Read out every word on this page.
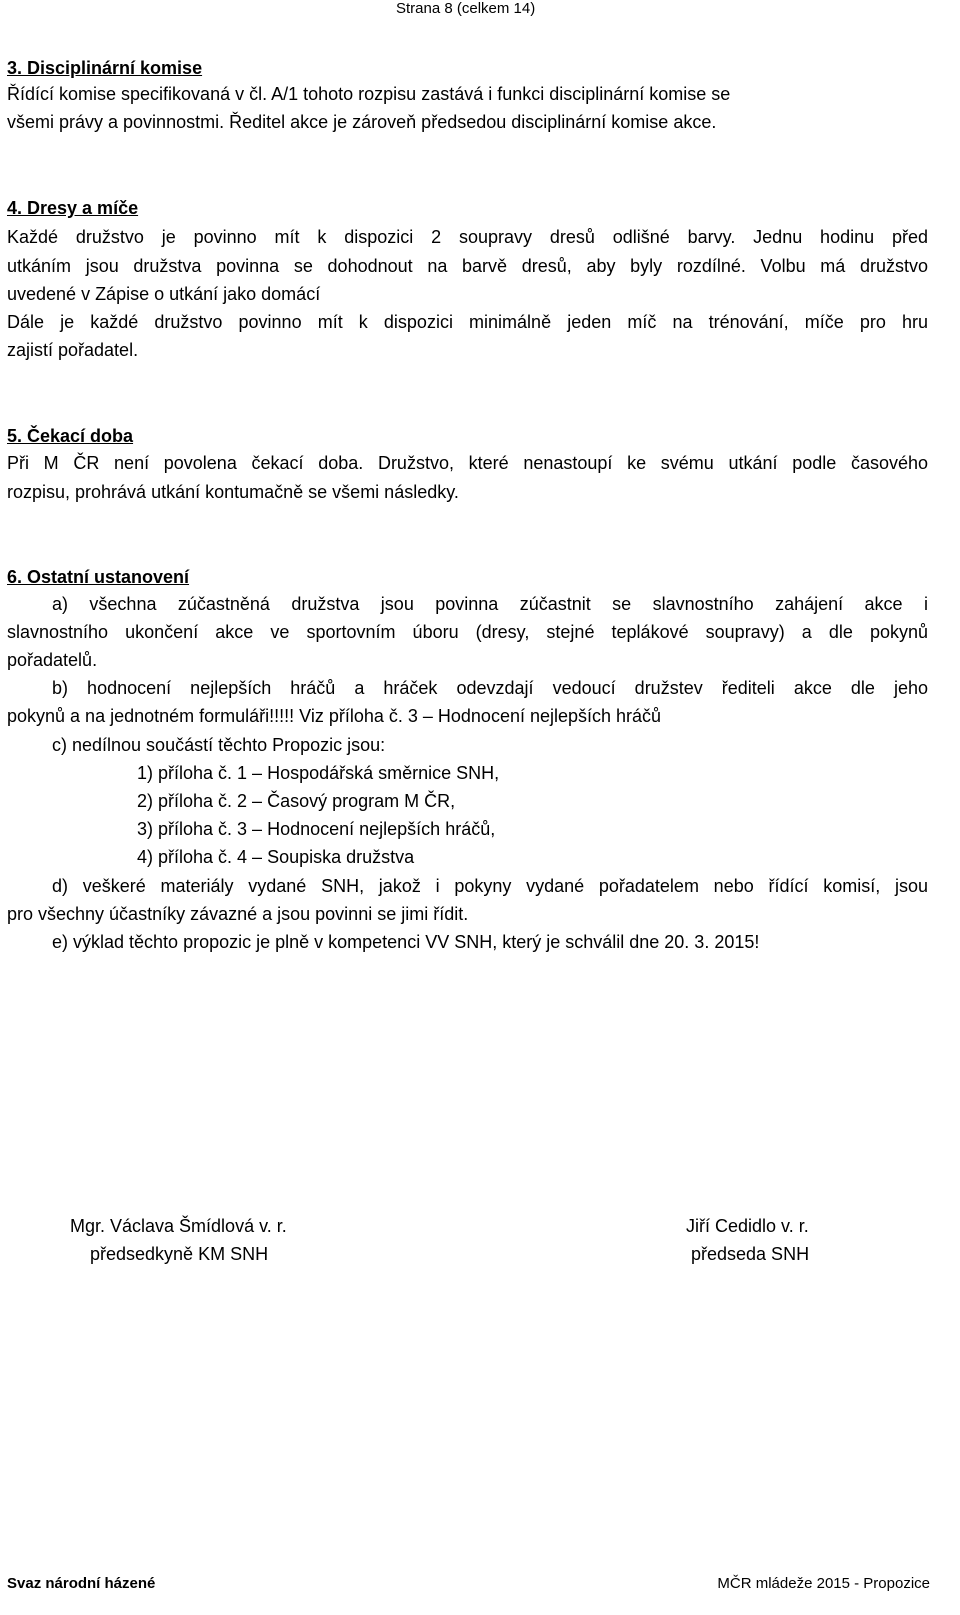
Strana 8 (celkem 14)
3. Disciplinární komise
Řídící komise specifikovaná v čl. A/1 tohoto rozpisu zastává i funkci disciplinární komise se
všemi právy a povinnostmi. Ředitel akce je zároveň předsedou disciplinární komise akce.
4. Dresy a míče
Každé družstvo je povinno mít k dispozici 2 soupravy dresů odlišné barvy. Jednu hodinu před
utkáním jsou družstva povinna se dohodnout na barvě dresů, aby byly rozdílné. Volbu má družstvo
uvedené v Zápise o utkání jako domácí
Dále je každé družstvo povinno mít k dispozici minimálně jeden míč na trénování, míče pro hru
zajistí pořadatel.
5. Čekací doba
Při M ČR není povolena čekací doba. Družstvo, které nenastoupí ke svému utkání podle časového
rozpisu, prohrává utkání kontumačně se všemi následky.
6. Ostatní ustanovení
a) všechna zúčastněná družstva jsou povinna zúčastnit se slavnostního zahájení akce i
slavnostního ukončení akce ve sportovním úboru (dresy, stejné teplákové soupravy) a dle pokynů
pořadatelů.
b) hodnocení nejlepších hráčů a hráček odevzdají vedoucí družstev řediteli akce dle jeho
pokynů a na jednotném formuláři!!!!! Viz příloha č. 3 – Hodnocení nejlepších hráčů
c) nedílnou součástí těchto Propozic jsou:
1) příloha č. 1 – Hospodářská směrnice SNH,
2) příloha č. 2 – Časový program M ČR,
3) příloha č. 3 – Hodnocení nejlepších hráčů,
4) příloha č. 4 – Soupiska družstva
d) veškeré materiály vydané SNH, jakož i pokyny vydané pořadatelem nebo řídící komisí, jsou
pro všechny účastníky závazné a jsou povinni se jimi řídit.
e) výklad těchto propozic je plně v kompetenci VV SNH, který je schválil dne 20. 3. 2015!
Mgr. Václava Šmídlová v. r.
předsedkyně KM SNH
Jiří Cedidlo v. r.
předseda SNH
Svaz národní házené	MČR mládeže 2015 - Propozice
